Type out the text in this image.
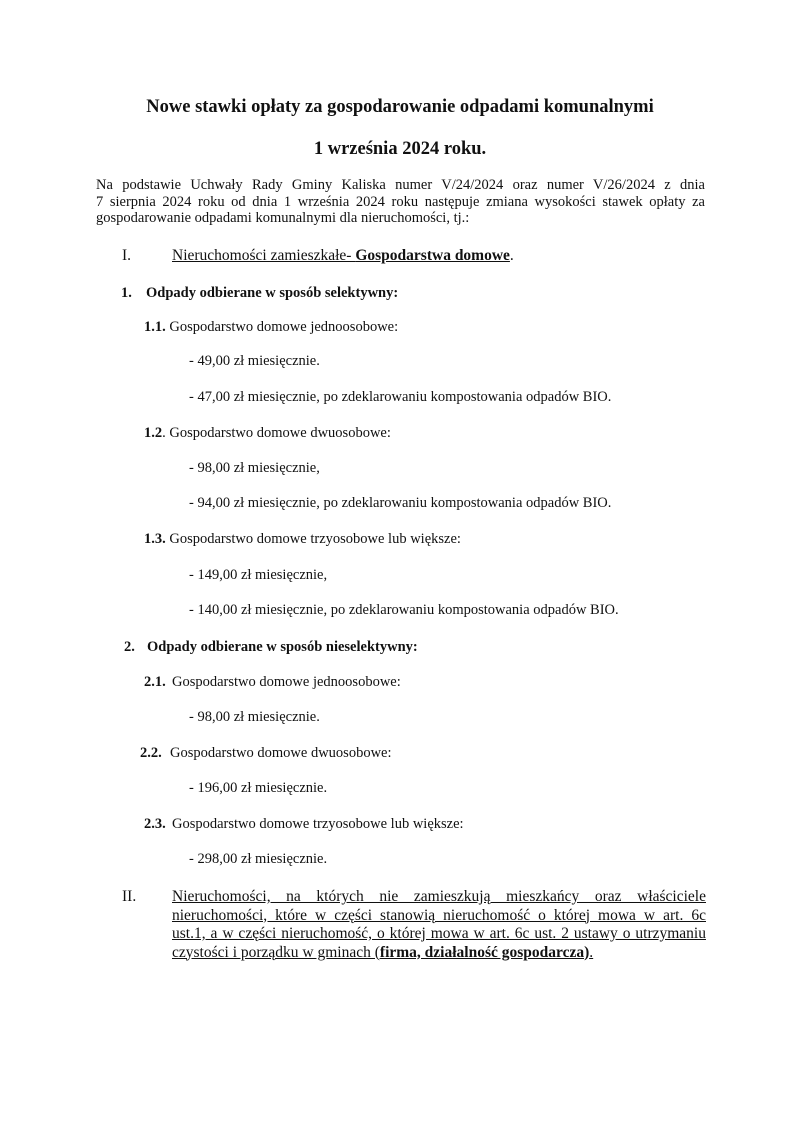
Nowe stawki opłaty za gospodarowanie odpadami komunalnymi
1 września 2024 roku.
Na podstawie Uchwały Rady Gminy Kaliska numer V/24/2024 oraz numer V/26/2024 z dnia
7 sierpnia 2024 roku od dnia 1 września 2024 roku następuje zmiana wysokości stawek opłaty za
gospodarowanie odpadami komunalnymi dla nieruchomości, tj.:
I.	Nieruchomości zamieszkałe- Gospodarstwa domowe.
1. Odpady odbierane w sposób selektywny:
1.1. Gospodarstwo domowe jednoosobowe:
- 49,00 zł miesięcznie.
- 47,00 zł miesięcznie, po zdeklarowaniu kompostowania odpadów BIO.
1.2. Gospodarstwo domowe dwuosobowe:
- 98,00 zł miesięcznie,
- 94,00 zł miesięcznie, po zdeklarowaniu kompostowania odpadów BIO.
1.3. Gospodarstwo domowe trzyosobowe lub większe:
- 149,00 zł miesięcznie,
- 140,00 zł miesięcznie, po zdeklarowaniu kompostowania odpadów BIO.
2. Odpady odbierane w sposób nieselektywny:
2.1. Gospodarstwo domowe jednoosobowe:
- 98,00 zł miesięcznie.
2.2. Gospodarstwo domowe dwuosobowe:
- 196,00 zł miesięcznie.
2.3. Gospodarstwo domowe trzyosobowe lub większe:
- 298,00 zł miesięcznie.
II. Nieruchomości, na których nie zamieszkują mieszkańcy oraz właściciele
nieruchomości, które w części stanowią nieruchomość o której mowa w art. 6c
ust.1, a w części nieruchomość, o której mowa w art. 6c ust. 2 ustawy o utrzymaniu
czystości i porządku w gminach (firma, działalność gospodarcza).
